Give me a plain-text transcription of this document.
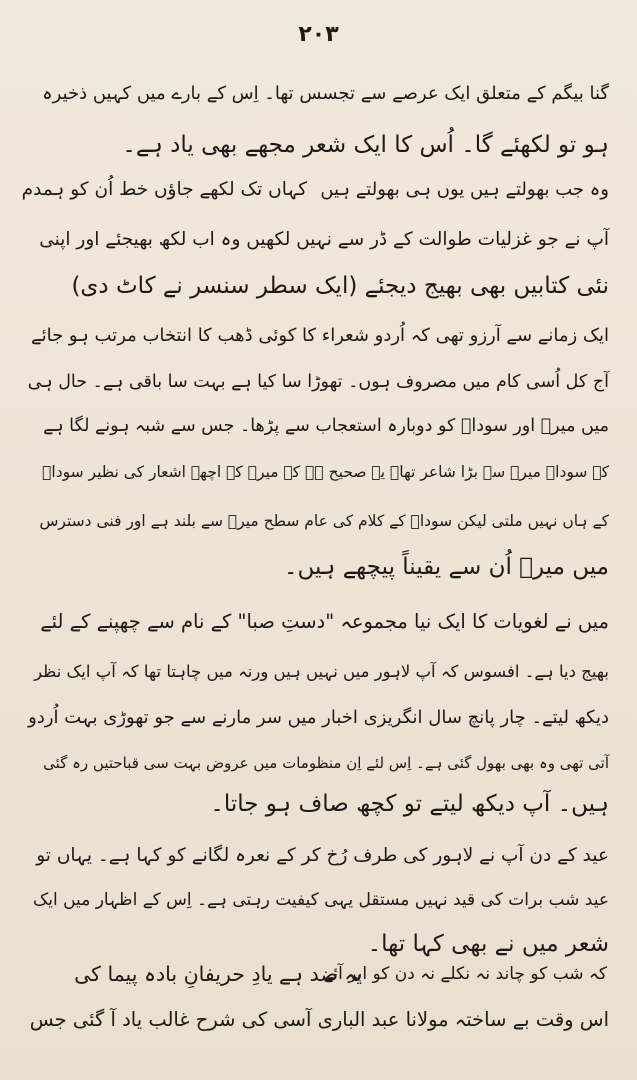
۲۰۳
گنا بیگم کے متعلق ایک عرصے سے تجسس تھا۔ اِس کے بارے میں کہیں ذخیرہ
ہو تو لکھئے گا۔ اُس کا ایک شعر مجھے بھی یاد ہے۔
کہاں تک لکھے جاؤں خط اُن کو ہمدم وہ جب بھولتے ہیں یوں ہی بھولتے ہیں
آپ نے جو غزلیات طوالت کے ڈر سے نہیں لکھیں وہ اب لکھ بھیجئے اور اپنی
نئی کتابیں بھی بھیج دیجئے (ایک سطر سنسر نے کاٹ دی)
ایک زمانے سے آرزو تھی کہ اُردو شعراء کا کوئی ڈھب کا انتخاب مرتب ہو جائے
آج کل اُسی کام میں مصروف ہوں۔ تھوڑا سا کیا ہے بہت سا باقی ہے۔ حال ہی
میں میرؔ اور سوداؔ کو دوبارہ استعجاب سے پڑھا۔ جس سے شبہ ہونے لگا ہے
کہ سوداؔ میرؔ سے بڑا شاعر تھا۔ یہ صحیح ہے کہ میرؔ کے اچھے اشعار کی نظیر سوداؔ
کے ہاں نہیں ملتی لیکن سوداؔ کے کلام کی عام سطح میرؔ سے بلند ہے اور فنی دسترس
میں میرؔ اُن سے یقیناً پیچھے ہیں۔
میں نے لغویات کا ایک نیا مجموعہ "دستِ صبا" کے نام سے چھپنے کے لئے
بھیج دیا ہے۔ افسوس کہ آپ لاہور میں نہیں ہیں ورنہ میں چاہتا تھا کہ آپ ایک نظر
دیکھ لیتے۔ چار پانچ سال انگریزی اخبار میں سر مارنے سے جو تھوڑی بہت اُردو
آتی تھی وہ بھی بھول گئی ہے۔ اِس لئے اِن منظومات میں عروض بہت سی قباحتیں رہ گئی
ہیں۔ آپ دیکھ لیتے تو کچھ صاف ہو جاتا۔
عید کے دن آپ نے لاہور کی طرف رُخ کر کے نعرہ لگانے کو کہا ہے۔ یہاں تو
عید شب برات کی قید نہیں مستقل یہی کیفیت رہتی ہے۔ اِس کے اظہار میں ایک
شعر میں نے بھی کہا تھا۔
یہ ضد ہے یادِ حریفانِ بادہ پیما کی
کہ شب کو چاند نہ نکلے نہ دن کو ابر آئے
اس وقت بے ساختہ مولانا عبد الباری آسی کی شرح غالب یاد آ گئی جس
